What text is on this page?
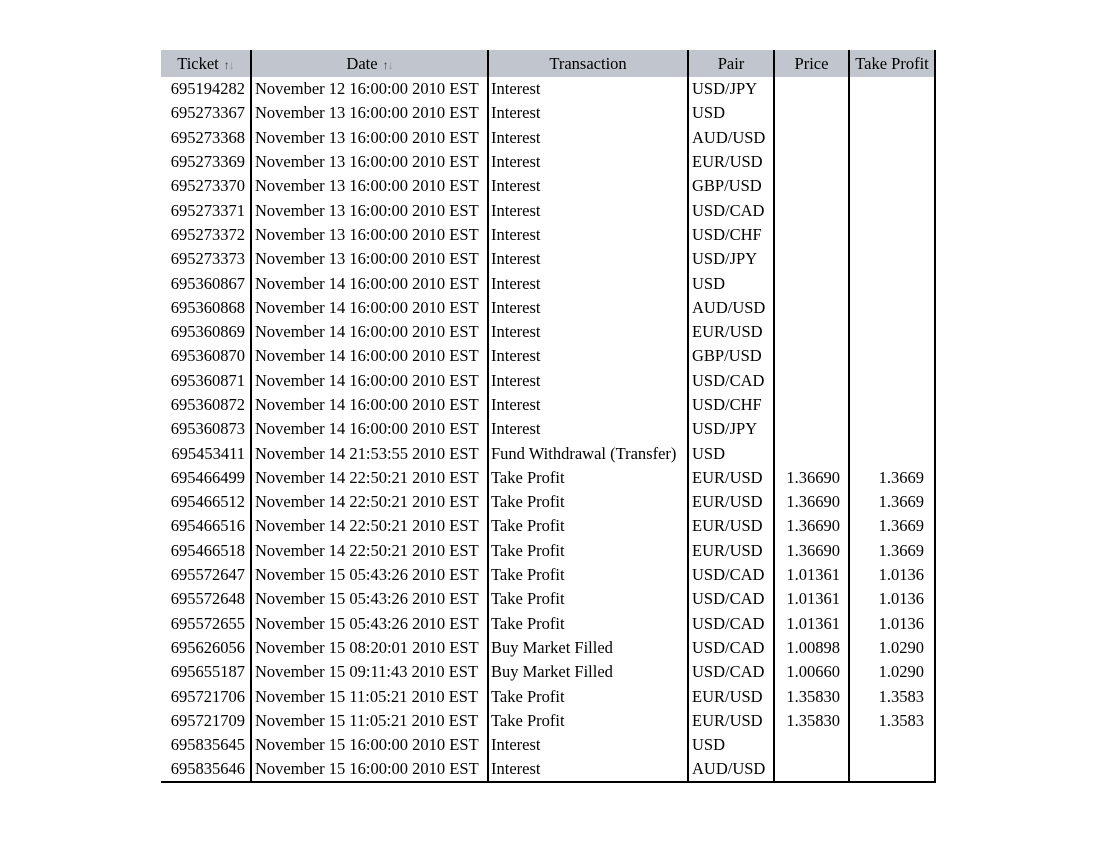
Ticket ↑↓	Date ↑↓	Transaction	Pair	Price	Take Profit
695194282	November 12 16:00:00 2010 EST	Interest	USD/JPY		
695273367	November 13 16:00:00 2010 EST	Interest	USD		
695273368	November 13 16:00:00 2010 EST	Interest	AUD/USD		
695273369	November 13 16:00:00 2010 EST	Interest	EUR/USD		
695273370	November 13 16:00:00 2010 EST	Interest	GBP/USD		
695273371	November 13 16:00:00 2010 EST	Interest	USD/CAD		
695273372	November 13 16:00:00 2010 EST	Interest	USD/CHF		
695273373	November 13 16:00:00 2010 EST	Interest	USD/JPY		
695360867	November 14 16:00:00 2010 EST	Interest	USD		
695360868	November 14 16:00:00 2010 EST	Interest	AUD/USD		
695360869	November 14 16:00:00 2010 EST	Interest	EUR/USD		
695360870	November 14 16:00:00 2010 EST	Interest	GBP/USD		
695360871	November 14 16:00:00 2010 EST	Interest	USD/CAD		
695360872	November 14 16:00:00 2010 EST	Interest	USD/CHF		
695360873	November 14 16:00:00 2010 EST	Interest	USD/JPY		
695453411	November 14 21:53:55 2010 EST	Fund Withdrawal (Transfer)	USD		
695466499	November 14 22:50:21 2010 EST	Take Profit	EUR/USD	1.36690	1.3669
695466512	November 14 22:50:21 2010 EST	Take Profit	EUR/USD	1.36690	1.3669
695466516	November 14 22:50:21 2010 EST	Take Profit	EUR/USD	1.36690	1.3669
695466518	November 14 22:50:21 2010 EST	Take Profit	EUR/USD	1.36690	1.3669
695572647	November 15 05:43:26 2010 EST	Take Profit	USD/CAD	1.01361	1.0136
695572648	November 15 05:43:26 2010 EST	Take Profit	USD/CAD	1.01361	1.0136
695572655	November 15 05:43:26 2010 EST	Take Profit	USD/CAD	1.01361	1.0136
695626056	November 15 08:20:01 2010 EST	Buy Market Filled	USD/CAD	1.00898	1.0290
695655187	November 15 09:11:43 2010 EST	Buy Market Filled	USD/CAD	1.00660	1.0290
695721706	November 15 11:05:21 2010 EST	Take Profit	EUR/USD	1.35830	1.3583
695721709	November 15 11:05:21 2010 EST	Take Profit	EUR/USD	1.35830	1.3583
695835645	November 15 16:00:00 2010 EST	Interest	USD		
695835646	November 15 16:00:00 2010 EST	Interest	AUD/USD		
